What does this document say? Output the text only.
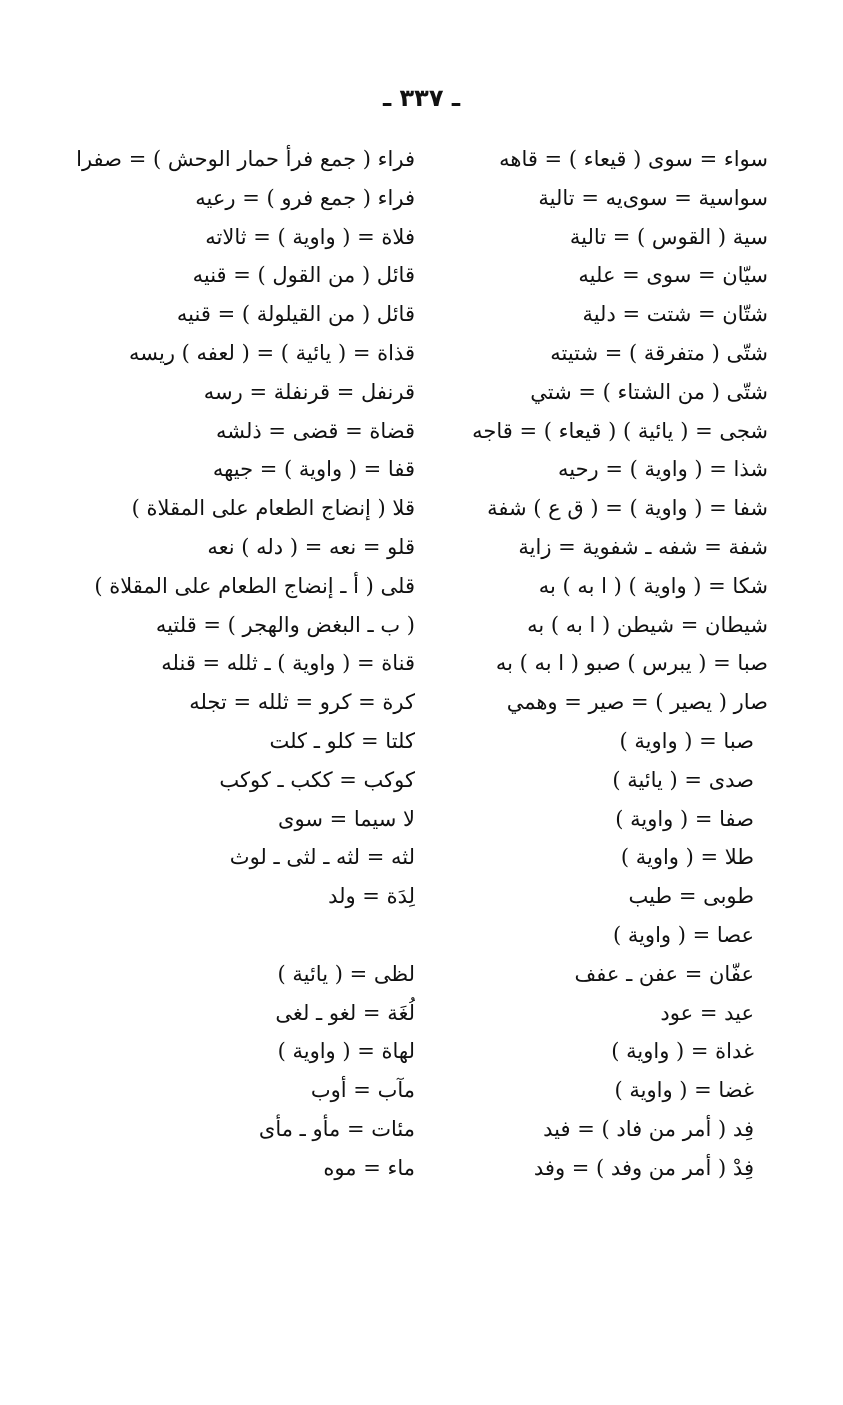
ـ ٣٣٧ ـ
سواء = سوى ( قيعاء ) = قاهه
سواسية = سوى‌يه = تالية
سية ( القوس ) = تالية
سيّان = سوى = عليه
شتّان = شتت = دلية
شتّى ( متفرقة ) = شتيته
شتّى ( من الشتاء ) = شتي
شجى = ( يائية ) ( قيعاء ) = قاجه
شذا = ( واوية ) = رحيه
شفا = ( واوية ) = ( ق ع ) شفة
شفة = شفه ـ شفوية = زاية
شكا = ( واوية ) ( ا به ) به
شيطان = شيطن ( ا به ) به
صبا = ( يبرس ) صبو ( ا به ) به
صار ( يصير ) = صير = وهمي
صبا = ( واوية )
صدى = ( يائية )
صفا = ( واوية )
طلا = ( واوية )
طوبى = طيب
عصا = ( واوية )
عفّان = عفن ـ عفف
عيد = عود
غداة = ( واوية )
غضا = ( واوية )
فِد ( أمر من فاد ) = فيد
فِدْ ( أمر من وفد ) = وفد
فراء ( جمع فرأ حمار الوحش ) = صفرا
فراء ( جمع فرو ) = رعيه
فلاة = ( واوية ) = ثالاته
قائل ( من القول ) = قنيه
قائل ( من القيلولة ) = قنيه
قذاة = ( يائية ) = ( لعفه ) ريسه
قرنفل = قرنفلة = رسه
قضاة = قضى = ذلشه
قفا = ( واوية ) = جيهه
قلا ( إنضاج الطعام على المقلاة )
قلو = نعه = ( دله ) نعه
قلى ( أ ـ إنضاج الطعام على المقلاة )
( ب ـ البغض والهجر ) = قلتيه
قناة = ( واوية ) ـ ثلله = قنله
كرة = كرو = ثلله = تجله
كلتا = كلو ـ كلت
كوكب = ككب ـ كوكب
لا سيما = سوى
لثه = لثه ـ لثى ـ لوث
لِدَة = ولد
لظى = ( يائية )
لُغَة = لغو ـ لغى
لهاة = ( واوية )
مآب = أوب
مئات = مأو ـ مأى
ماء = موه
